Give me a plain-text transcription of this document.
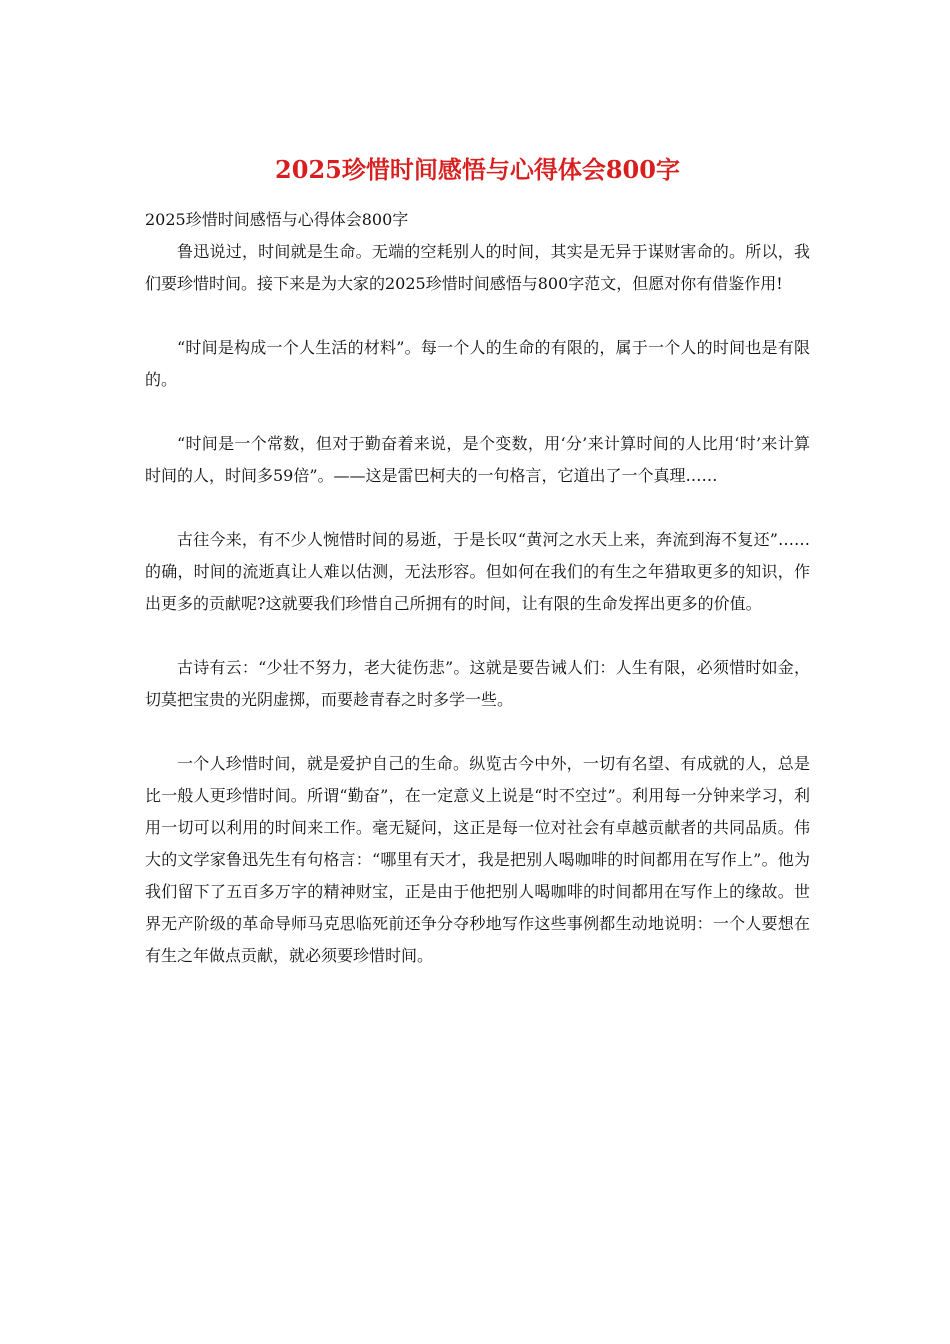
2025珍惜时间感悟与心得体会800字

2025珍惜时间感悟与心得体会800字

鲁迅说过，时间就是生命。无端的空耗别人的时间，其实是无异于谋财害命的。所以，我们要珍惜时间。接下来是为大家的2025珍惜时间感悟与800字范文，但愿对你有借鉴作用!

“时间是构成一个人生活的材料”。每一个人的生命的有限的，属于一个人的时间也是有限的。

“时间是一个常数，但对于勤奋着来说，是个变数，用‘分’来计算时间的人比用‘时’来计算时间的人，时间多59倍”。——这是雷巴柯夫的一句格言，它道出了一个真理……

古往今来，有不少人惋惜时间的易逝，于是长叹“黄河之水天上来，奔流到海不复还”……的确，时间的流逝真让人难以估测，无法形容。但如何在我们的有生之年猎取更多的知识，作出更多的贡献呢?这就要我们珍惜自己所拥有的时间，让有限的生命发挥出更多的价值。

古诗有云：“少壮不努力，老大徒伤悲”。这就是要告诫人们：人生有限，必须惜时如金，切莫把宝贵的光阴虚掷，而要趁青春之时多学一些。

一个人珍惜时间，就是爱护自己的生命。纵览古今中外，一切有名望、有成就的人，总是比一般人更珍惜时间。所谓“勤奋”，在一定意义上说是“时不空过”。利用每一分钟来学习，利用一切可以利用的时间来工作。毫无疑问，这正是每一位对社会有卓越贡献者的共同品质。伟大的文学家鲁迅先生有句格言：“哪里有天才，我是把别人喝咖啡的时间都用在写作上”。他为我们留下了五百多万字的精神财宝，正是由于他把别人喝咖啡的时间都用在写作上的缘故。世界无产阶级的革命导师马克思临死前还争分夺秒地写作这些事例都生动地说明：一个人要想在有生之年做点贡献，就必须要珍惜时间。
